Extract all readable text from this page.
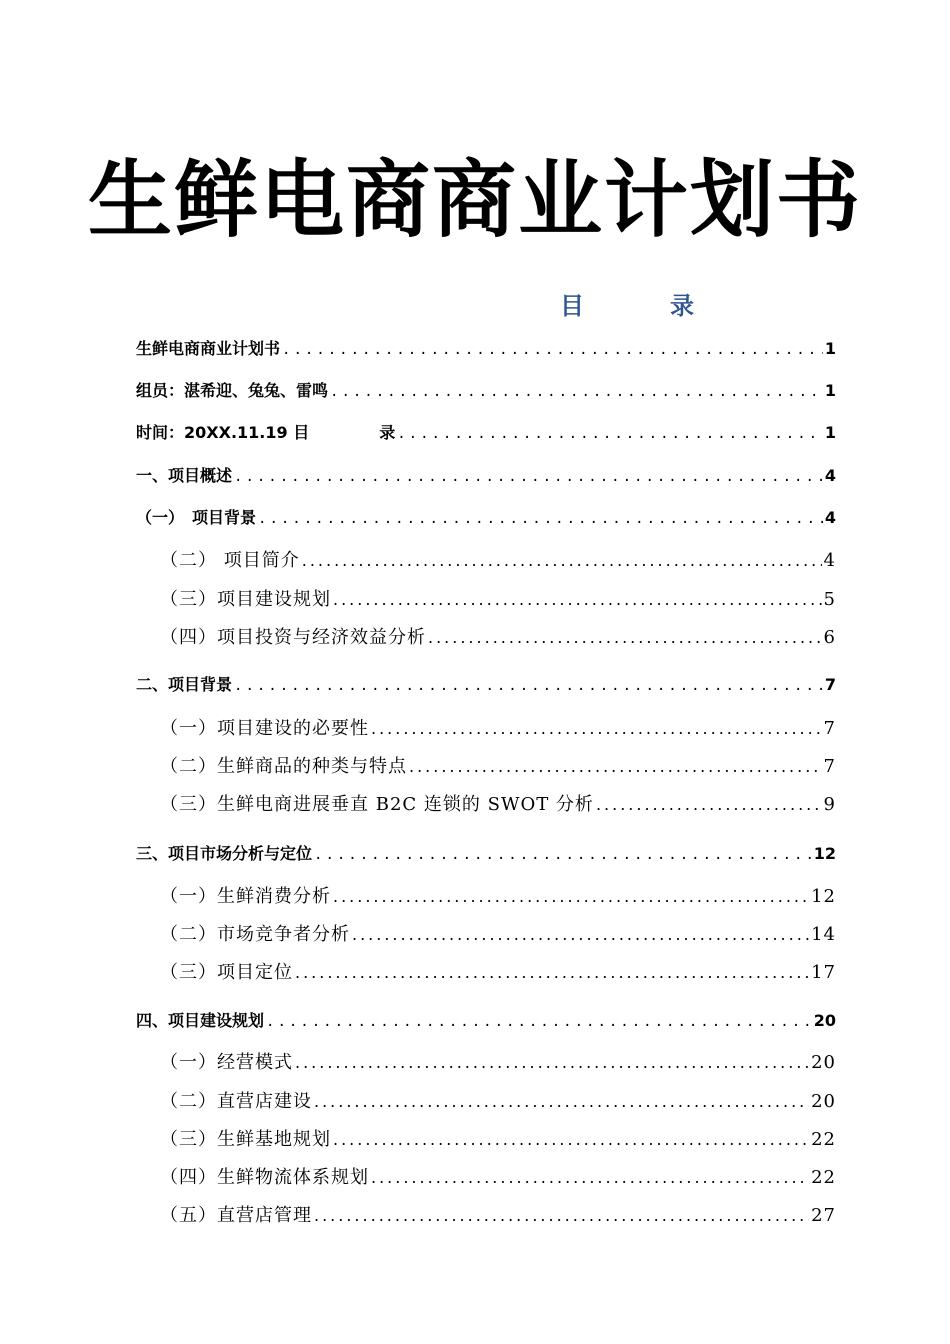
生鲜电商商业计划书
目	录
生鲜电商商业计划书 .....	1
组员：湛希迎、兔兔、雷鸣 .....	1
时间：20XX.11.19 目	录 .....	1
一、项目概述 .....	4
（一）　项目背景 .....	4
（二） 项目简介 .....	4
（三）项目建设规划 .....	5
（四）项目投资与经济效益分析 .....	6
二、项目背景 .....	7
（一）项目建设的必要性 .....	7
（二）生鲜商品的种类与特点 .....	7
（三）生鲜电商进展垂直 B2C 连锁的 SWOT 分析 .....	9
三、项目市场分析与定位 .....	12
（一）生鲜消费分析 .....	12
（二）市场竞争者分析 .....	14
（三）项目定位 .....	17
四、项目建设规划 .....	20
（一）经营模式 .....	20
（二）直营店建设 .....	20
（三）生鲜基地规划 .....	22
（四）生鲜物流体系规划 .....	22
（五）直营店管理 .....	27
